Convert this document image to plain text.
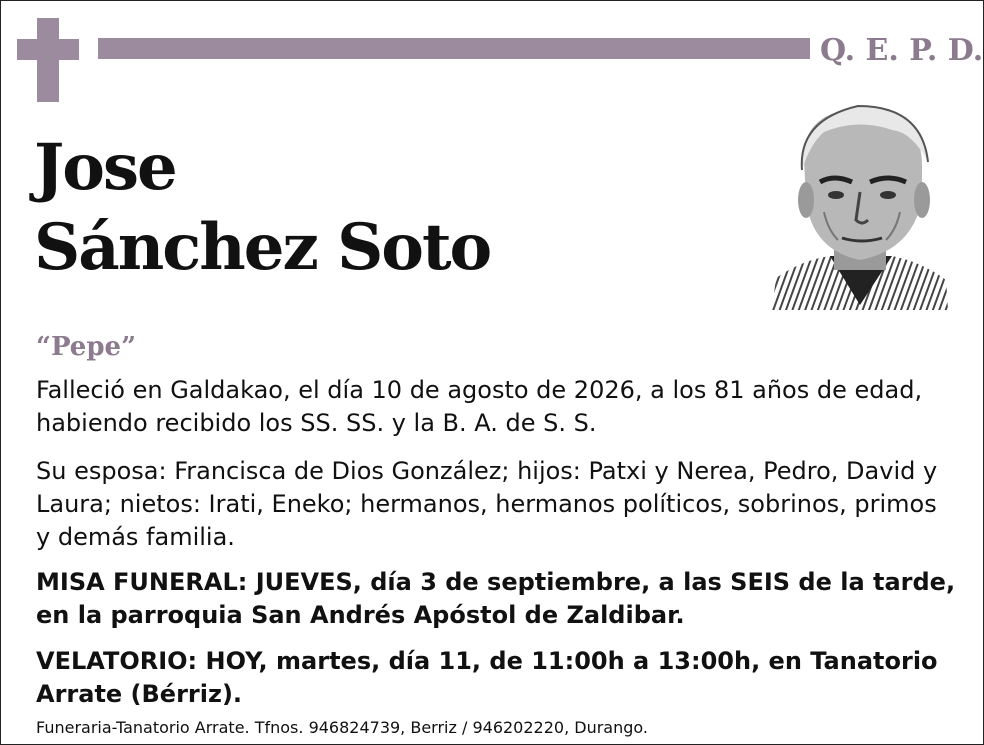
Q. E. P. D.
Jose
Sánchez Soto
“Pepe”
Falleció en Galdakao, el día 10 de agosto de 2026, a los 81 años de edad,
habiendo recibido los SS. SS. y la B. A. de S. S.
Su esposa: Francisca de Dios González; hijos: Patxi y Nerea, Pedro, David y
Laura; nietos: Irati, Eneko; hermanos, hermanos políticos, sobrinos, primos
y demás familia.
MISA FUNERAL: JUEVES, día 3 de septiembre, a las SEIS de la tarde,
en la parroquia San Andrés Apóstol de Zaldibar.
VELATORIO: HOY, martes, día 11, de 11:00h a 13:00h, en Tanatorio
Arrate (Bérriz).
Funeraria-Tanatorio Arrate. Tfnos. 946824739, Berriz / 946202220, Durango.
